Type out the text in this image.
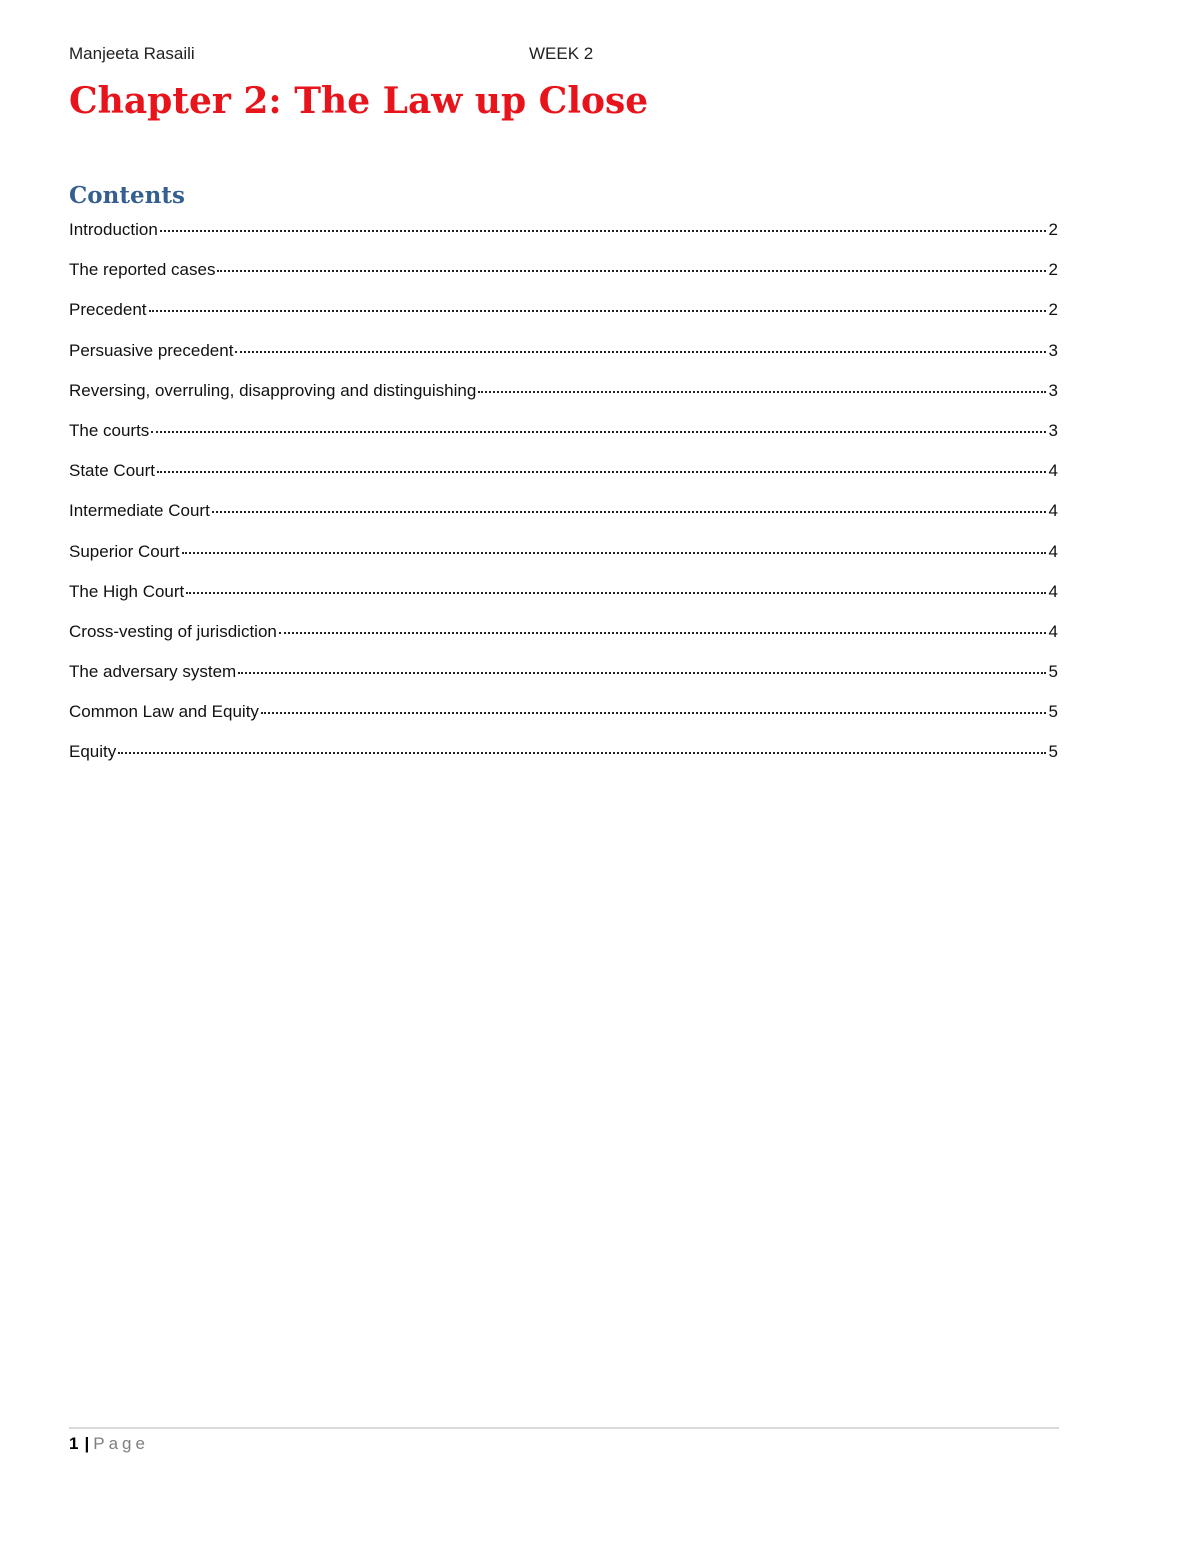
Manjeeta Rasaili	WEEK 2
Chapter 2: The Law up Close
Contents
Introduction	2
The reported cases	2
Precedent	2
Persuasive precedent	3
Reversing, overruling, disapproving and distinguishing	3
The courts	3
State Court	4
Intermediate Court	4
Superior Court	4
The High Court	4
Cross-vesting of jurisdiction	4
The adversary system	5
Common Law and Equity	5
Equity	5
1 | Page
